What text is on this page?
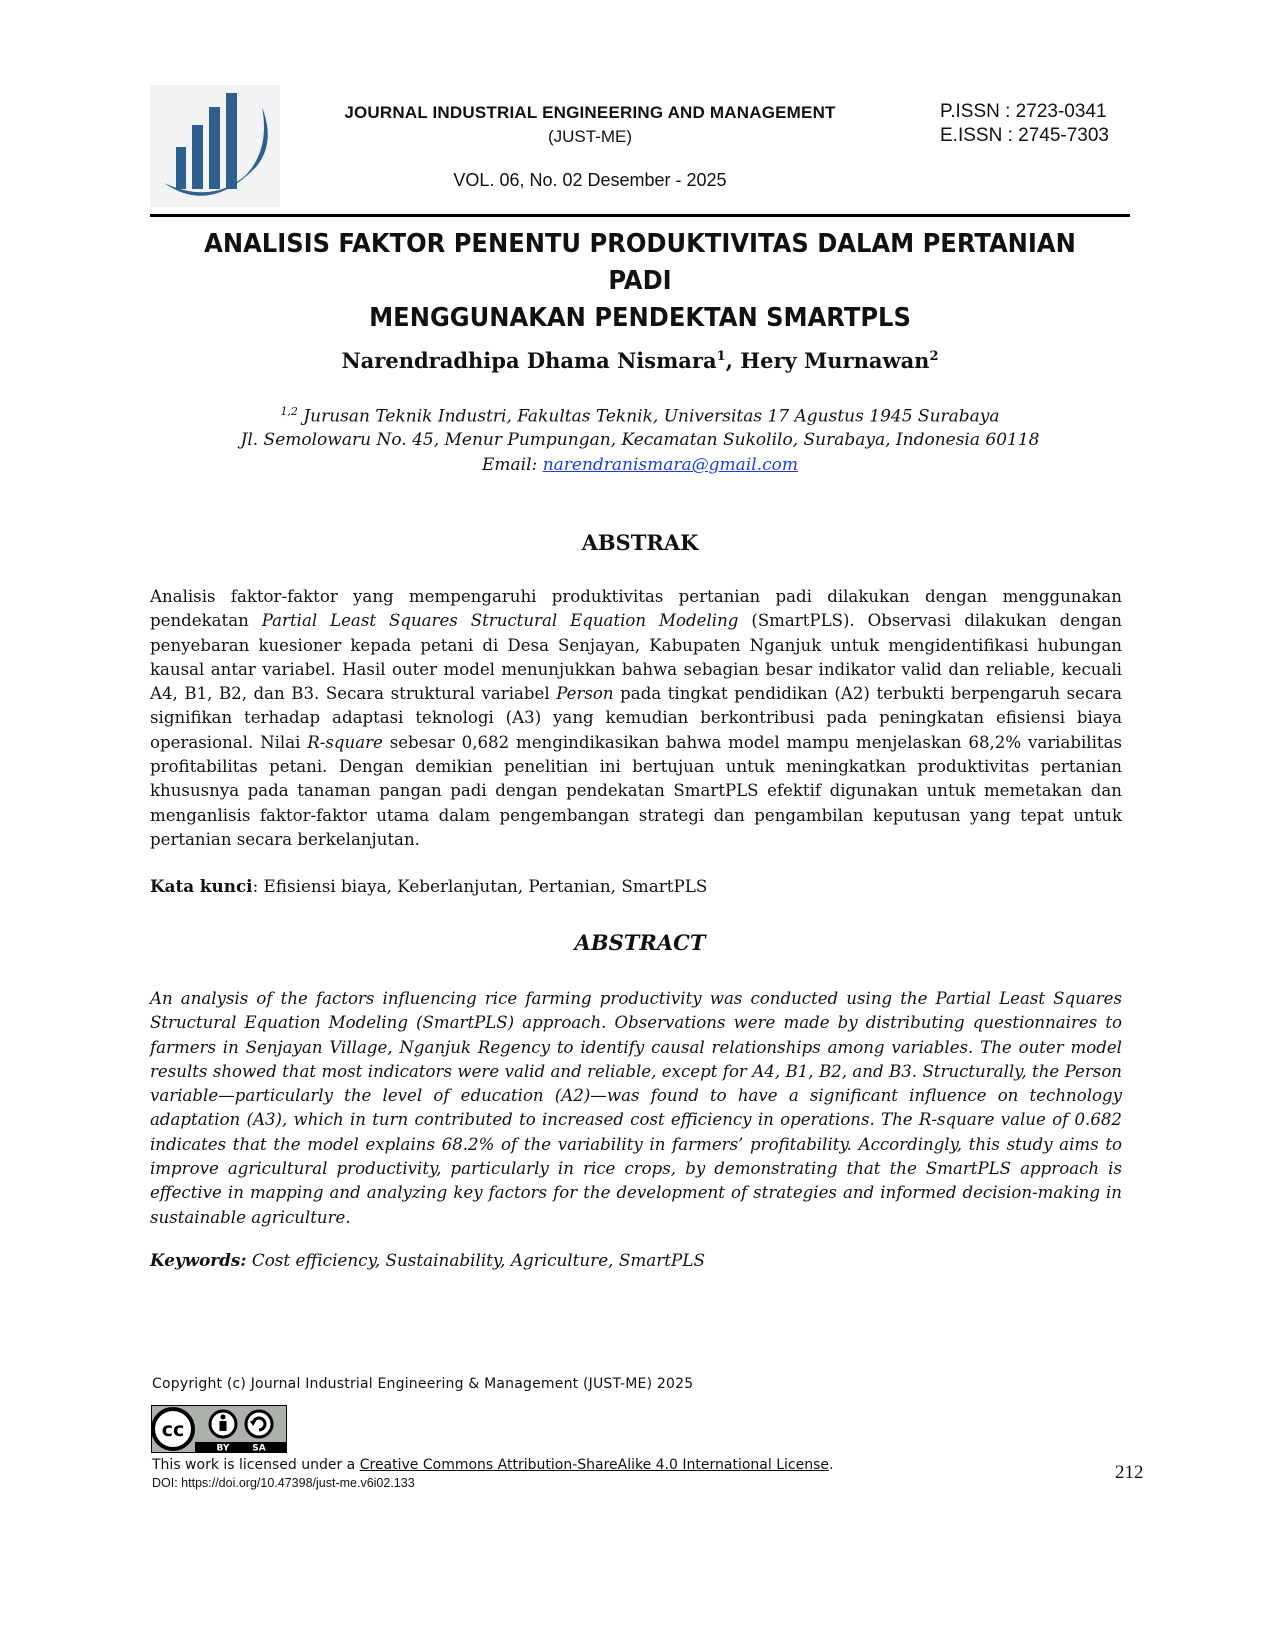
JOURNAL INDUSTRIAL ENGINEERING AND MANAGEMENT
(JUST-ME)
VOL. 06, No. 02 Desember - 2025
P.ISSN : 2723-0341
E.ISSN : 2745-7303
ANALISIS FAKTOR PENENTU PRODUKTIVITAS DALAM PERTANIAN PADI
MENGGUNAKAN PENDEKTAN SMARTPLS
Narendradhipa Dhama Nismara$^1$, Hery Murnawan$^2$
$^{1,2}$ Jurusan Teknik Industri, Fakultas Teknik, Universitas 17 Agustus 1945 Surabaya
Jl. Semolowaru No. 45, Menur Pumpungan, Kecamatan Sukolilo, Surabaya, Indonesia 60118
Email: narendranismara@gmail.com
ABSTRAK
Analisis faktor-faktor yang mempengaruhi produktivitas pertanian padi dilakukan dengan menggunakan pendekatan Partial Least Squares Structural Equation Modeling (SmartPLS). Observasi dilakukan dengan penyebaran kuesioner kepada petani di Desa Senjayan, Kabupaten Nganjuk untuk mengidentifikasi hubungan kausal antar variabel. Hasil outer model menunjukkan bahwa sebagian besar indikator valid dan reliable, kecuali A4, B1, B2, dan B3. Secara struktural variabel Person pada tingkat pendidikan (A2) terbukti berpengaruh secara signifikan terhadap adaptasi teknologi (A3) yang kemudian berkontribusi pada peningkatan efisiensi biaya operasional. Nilai R-square sebesar 0,682 mengindikasikan bahwa model mampu menjelaskan 68,2% variabilitas profitabilitas petani. Dengan demikian penelitian ini bertujuan untuk meningkatkan produktivitas pertanian khususnya pada tanaman pangan padi dengan pendekatan SmartPLS efektif digunakan untuk memetakan dan menganlisis faktor-faktor utama dalam pengembangan strategi dan pengambilan keputusan yang tepat untuk pertanian secara berkelanjutan.
Kata kunci: Efisiensi biaya, Keberlanjutan, Pertanian, SmartPLS
ABSTRACT
An analysis of the factors influencing rice farming productivity was conducted using the Partial Least Squares Structural Equation Modeling (SmartPLS) approach. Observations were made by distributing questionnaires to farmers in Senjayan Village, Nganjuk Regency to identify causal relationships among variables. The outer model results showed that most indicators were valid and reliable, except for A4, B1, B2, and B3. Structurally, the Person variable—particularly the level of education (A2)—was found to have a significant influence on technology adaptation (A3), which in turn contributed to increased cost efficiency in operations. The R-square value of 0.682 indicates that the model explains 68.2% of the variability in farmers’ profitability. Accordingly, this study aims to improve agricultural productivity, particularly in rice crops, by demonstrating that the SmartPLS approach is effective in mapping and analyzing key factors for the development of strategies and informed decision-making in sustainable agriculture.
Keywords: Cost efficiency, Sustainability, Agriculture, SmartPLS
Copyright (c) Journal Industrial Engineering & Management (JUST-ME) 2025
cc
BY	SA
This work is licensed under a Creative Commons Attribution-ShareAlike 4.0 International License.
DOI: https://doi.org/10.47398/just-me.v6i02.133	212
